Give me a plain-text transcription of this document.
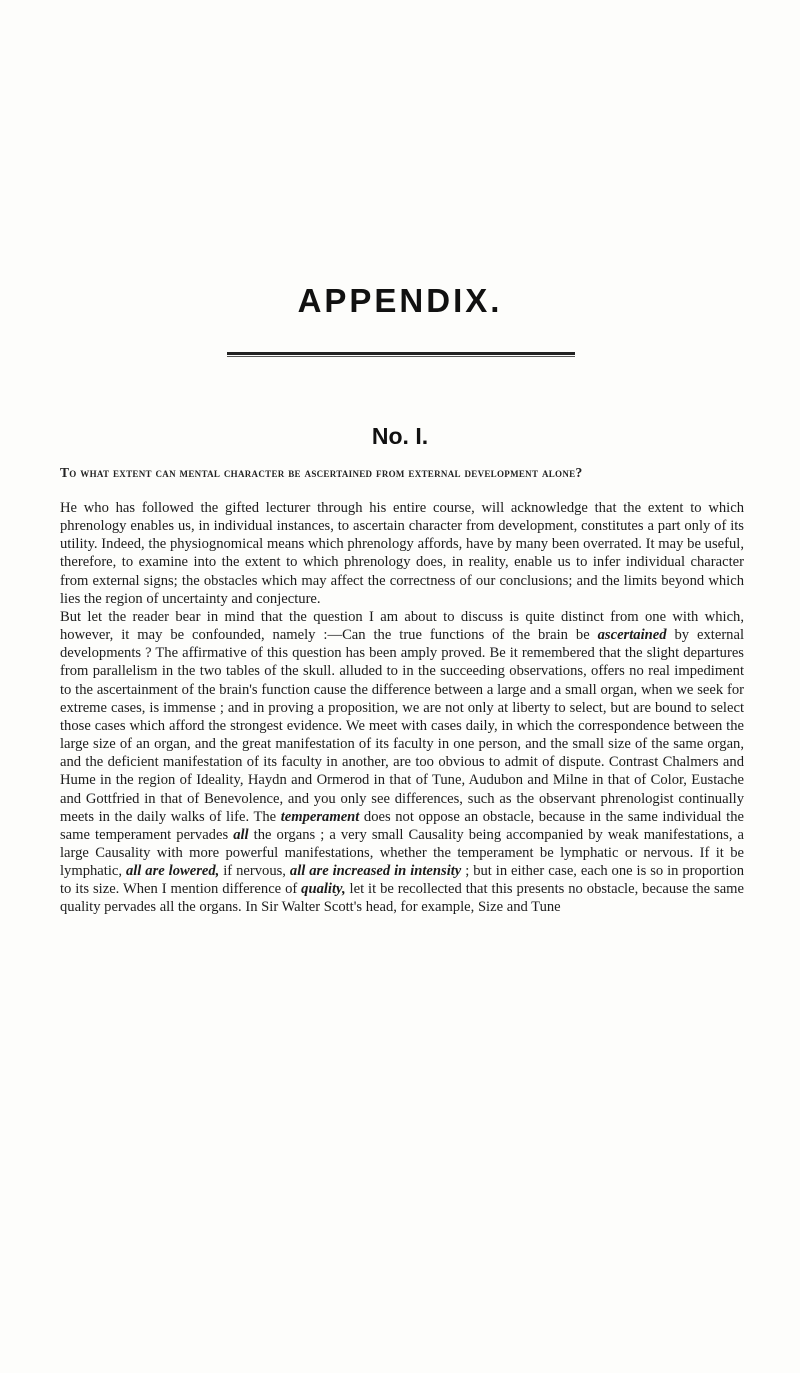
APPENDIX.
No. I.
To what extent can mental character be ascertained from external development alone?

He who has followed the gifted lecturer through his entire course, will acknowledge that the extent to which phrenology enables us, in individual instances, to ascertain character from development, constitutes a part only of its utility. Indeed, the physiognomical means which phrenology affords, have by many been overrated. It may be useful, therefore, to examine into the extent to which phrenology does, in reality, enable us to infer individual character from external signs; the obstacles which may affect the correctness of our conclusions; and the limits beyond which lies the region of uncertainty and conjecture.

But let the reader bear in mind that the question I am about to discuss is quite distinct from one with which, however, it may be confounded, namely :—Can the true functions of the brain be ascertained by external developments ? The affirmative of this question has been amply proved. Be it remembered that the slight departures from parallelism in the two tables of the skull. alluded to in the succeeding observations, offers no real impediment to the ascertainment of the brain's function cause the difference between a large and a small organ, when we seek for extreme cases, is immense ; and in proving a proposition, we are not only at liberty to select, but are bound to select those cases which afford the strongest evidence. We meet with cases daily, in which the correspondence between the large size of an organ, and the great manifestation of its faculty in one person, and the small size of the same organ, and the deficient manifestation of its faculty in another, are too obvious to admit of dispute. Contrast Chalmers and Hume in the region of Ideality, Haydn and Ormerod in that of Tune, Audubon and Milne in that of Color, Eustache and Gottfried in that of Benevolence, and you only see differences, such as the observant phrenologist continually meets in the daily walks of life. The temperament does not oppose an obstacle, because in the same individual the same temperament pervades all the organs ; a very small Causality being accompanied by weak manifestations, a large Causality with more powerful manifestations, whether the temperament be lymphatic or nervous. If it be lymphatic, all are lowered, if nervous, all are increased in intensity ; but in either case, each one is so in proportion to its size. When I mention difference of quality, let it be recollected that this presents no obstacle, because the same quality pervades all the organs. In Sir Walter Scott's head, for example, Size and Tune
